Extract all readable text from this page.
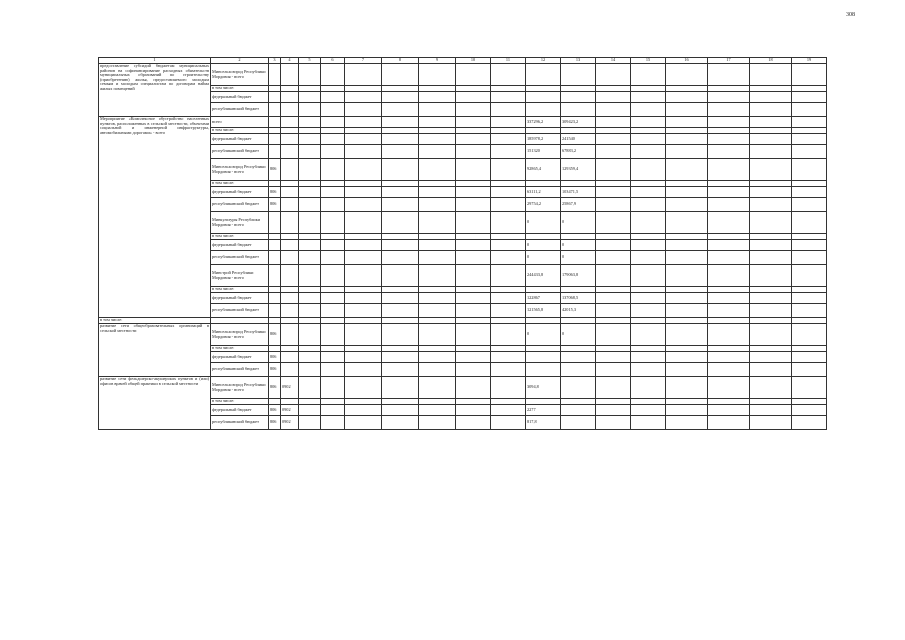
308
1	2	3	4	5	6	7	8	9	10	11	12	13	14	15	16	17	18	19
предоставление субсидий бюджетам муниципальных районов на софинансирование расходных обязательств муниципальных образований по строительству (приобретению) жилья, предоставляемого молодым семьям и молодым специалистам по договорам найма жилых помещений	Минсельхозпрод Республики Мордовия - всего																	
	в том числе:																	
	федеральный бюджет																	
	республиканский бюджет																	
Мероприятие «Комплексное обустройство населенных пунктов, расположенных в сельской местности, объектами социальной и инженерной инфраструктуры, автомобильными дорогами» - всего	всего										337296,2	309423,2						
	в том числе:																	
	федеральный бюджет										185978,2	241540						
	республиканский бюджет										151320	67883,2						
	Минсельхозпрод Республики Мордовия - всего	806									92865,4	129359,4						
	в том числе:																	
	федеральный бюджет	806									63111,2	103471,5						
	республиканский бюджет	806									29754,2	25867,9						
	Минкультуры Республики Мордовия - всего										0	0						
	в том числе:																	
	федеральный бюджет										0	0						
	республиканский бюджет										0	0						
	Минстрой Республики Мордовия - всего										244433,8	179063,8						
	в том числе:																	
	федеральный бюджет										122867	137068,5						
	республиканский бюджет										121565,8	42015,3						
в том числе:																		
развитие сети общеобразовательных организаций в сельской местности	Минсельхозпрод Республики Мордовия - всего	806									0	0						
	в том числе:																	
	федеральный бюджет	806																
	республиканский бюджет	806																
развитие сети фельдшерско-акушерских пунктов и (или) офисов врачей общей практики в сельской местности	Минсельхозпрод Республики Мордовия - всего	806	0902								3094,8							
	в том числе:																	
	федеральный бюджет	806	0902								2277							
	республиканский бюджет	806	0902								817,8							
